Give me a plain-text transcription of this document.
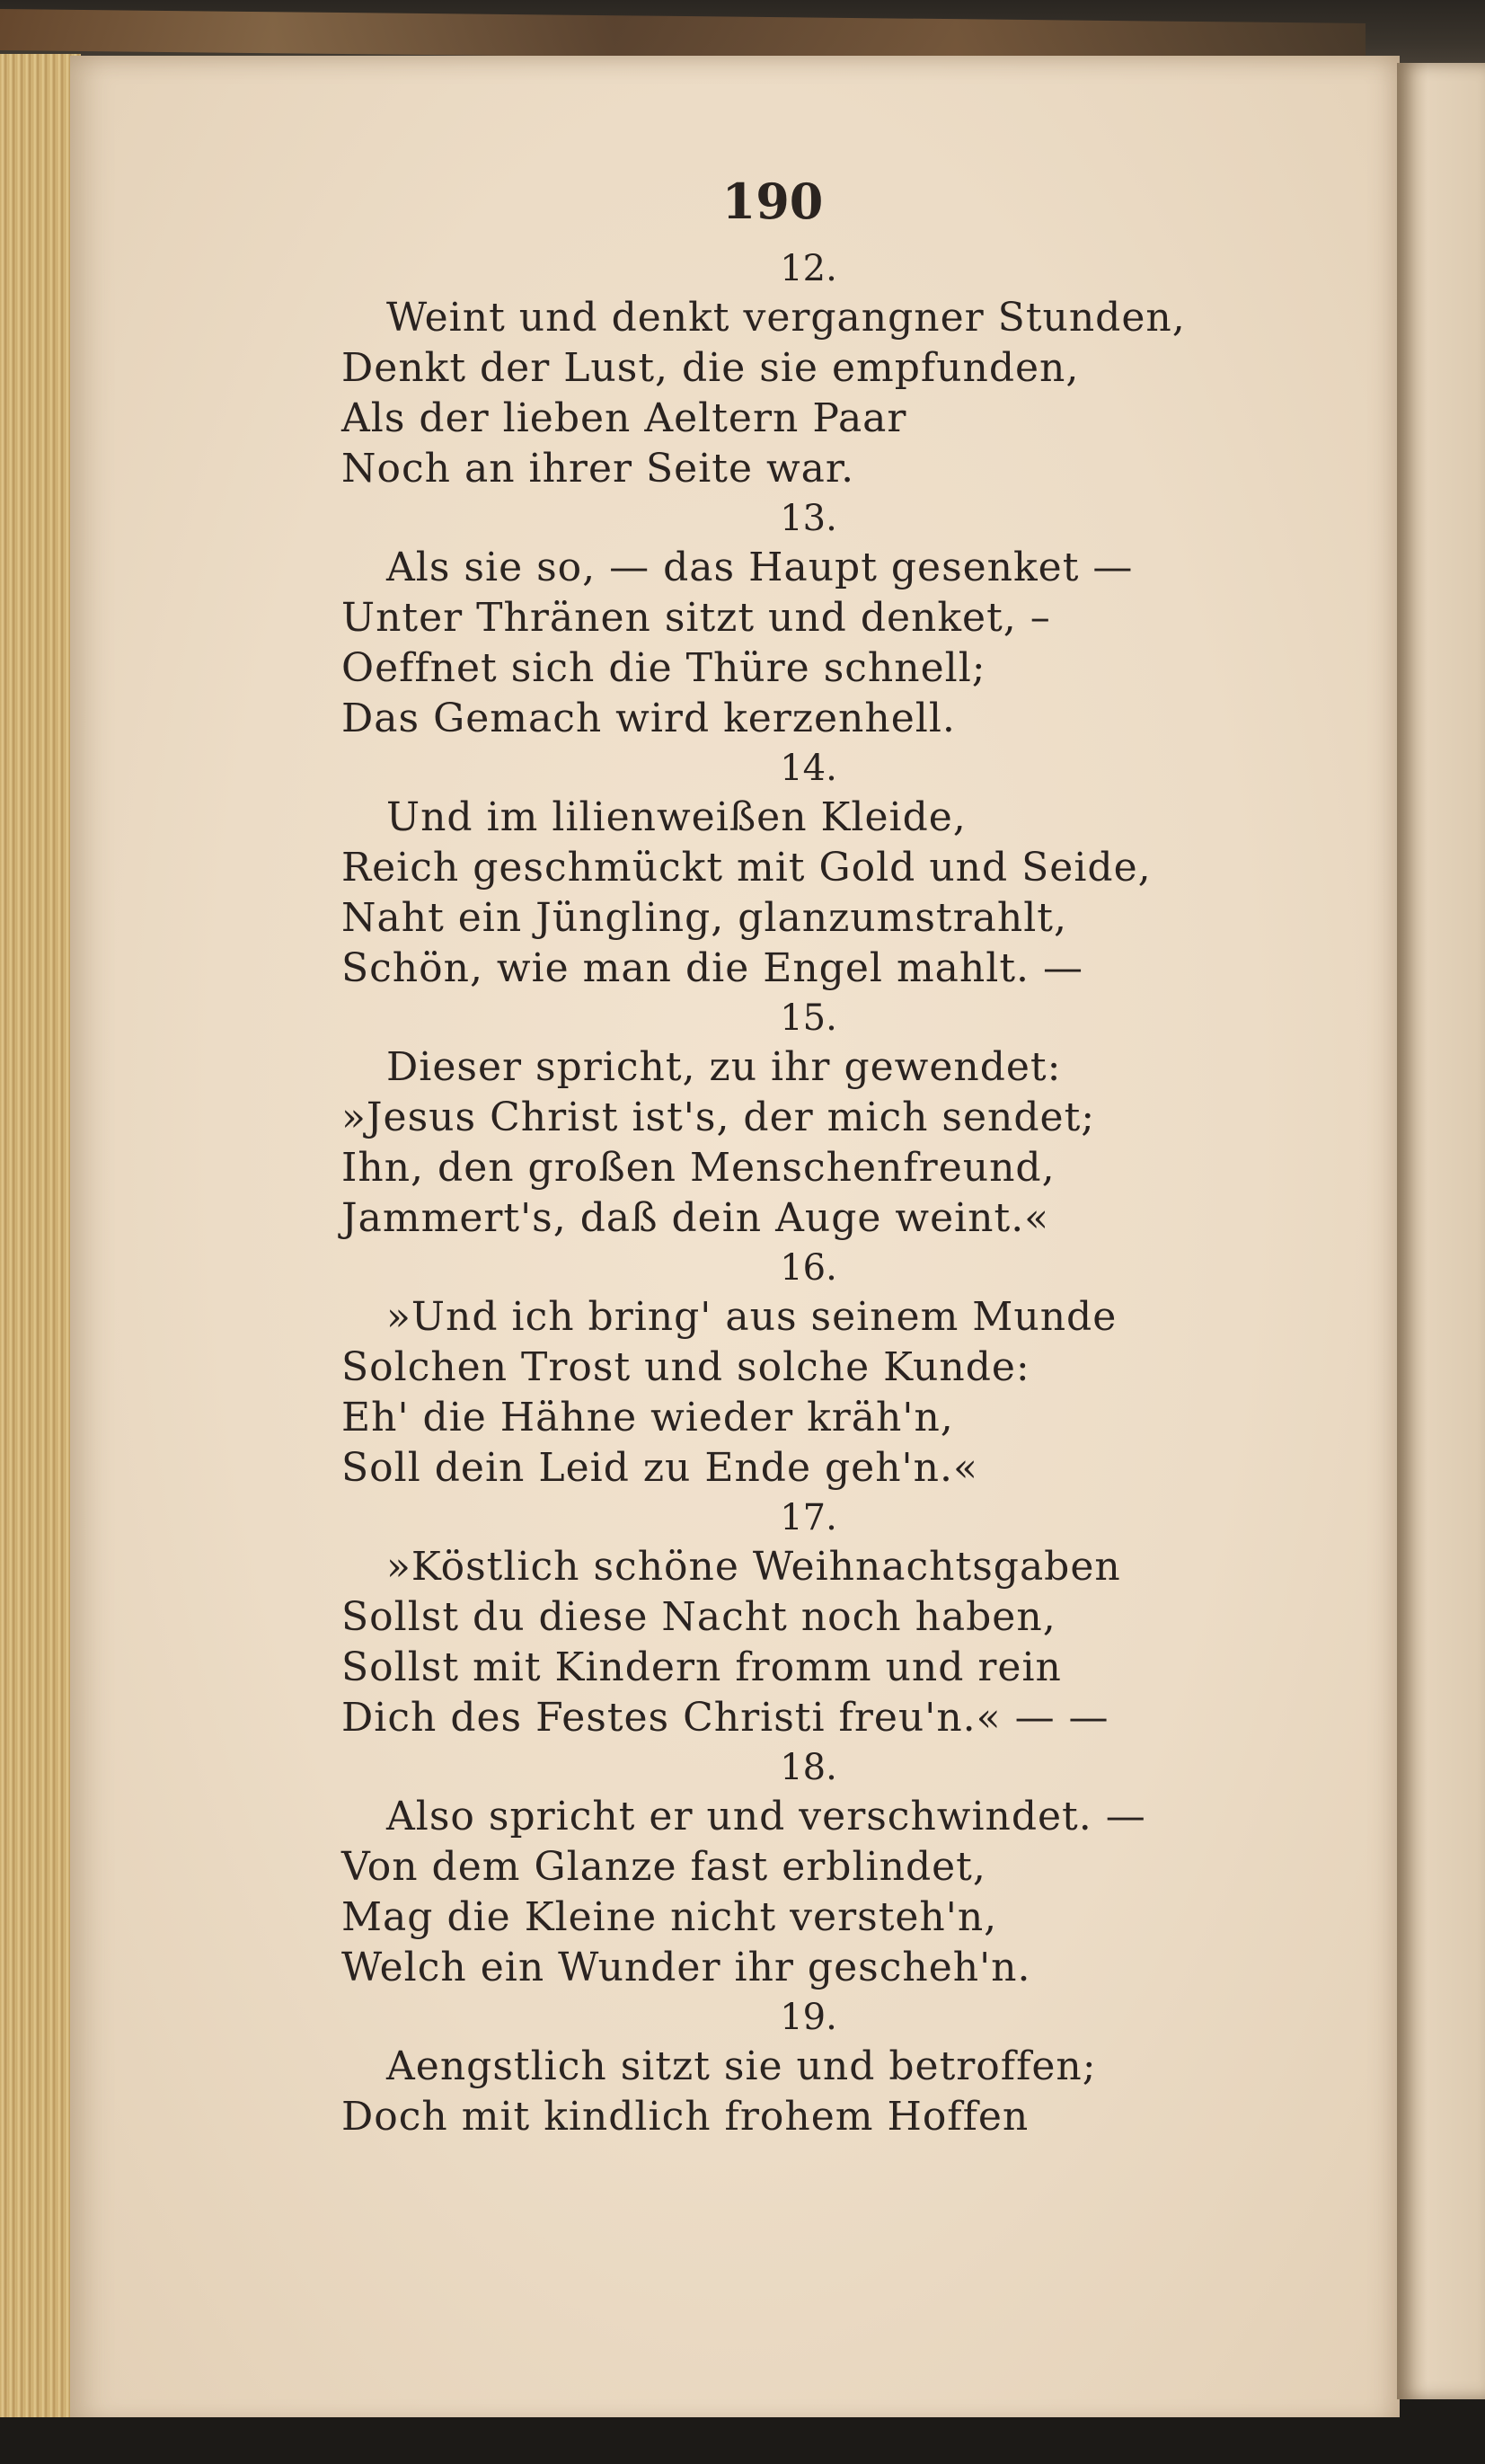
190
12.
Weint und denkt vergangner Stunden,
Denkt der Lust, die sie empfunden,
Als der lieben Aeltern Paar
Noch an ihrer Seite war.
13.
Als sie so, — das Haupt gesenket —
Unter Thränen sitzt und denket, –
Oeffnet sich die Thüre schnell;
Das Gemach wird kerzenhell.
14.
Und im lilienweißen Kleide,
Reich geschmückt mit Gold und Seide,
Naht ein Jüngling, glanzumstrahlt,
Schön, wie man die Engel mahlt. —
15.
Dieser spricht, zu ihr gewendet:
»Jesus Christ ist's, der mich sendet;
Ihn, den großen Menschenfreund,
Jammert's, daß dein Auge weint.«
16.
»Und ich bring' aus seinem Munde
Solchen Trost und solche Kunde:
Eh' die Hähne wieder kräh'n,
Soll dein Leid zu Ende geh'n.«
17.
»Köstlich schöne Weihnachtsgaben
Sollst du diese Nacht noch haben,
Sollst mit Kindern fromm und rein
Dich des Festes Christi freu'n.« — —
18.
Also spricht er und verschwindet. —
Von dem Glanze fast erblindet,
Mag die Kleine nicht versteh'n,
Welch ein Wunder ihr gescheh'n.
19.
Aengstlich sitzt sie und betroffen;
Doch mit kindlich frohem Hoffen
